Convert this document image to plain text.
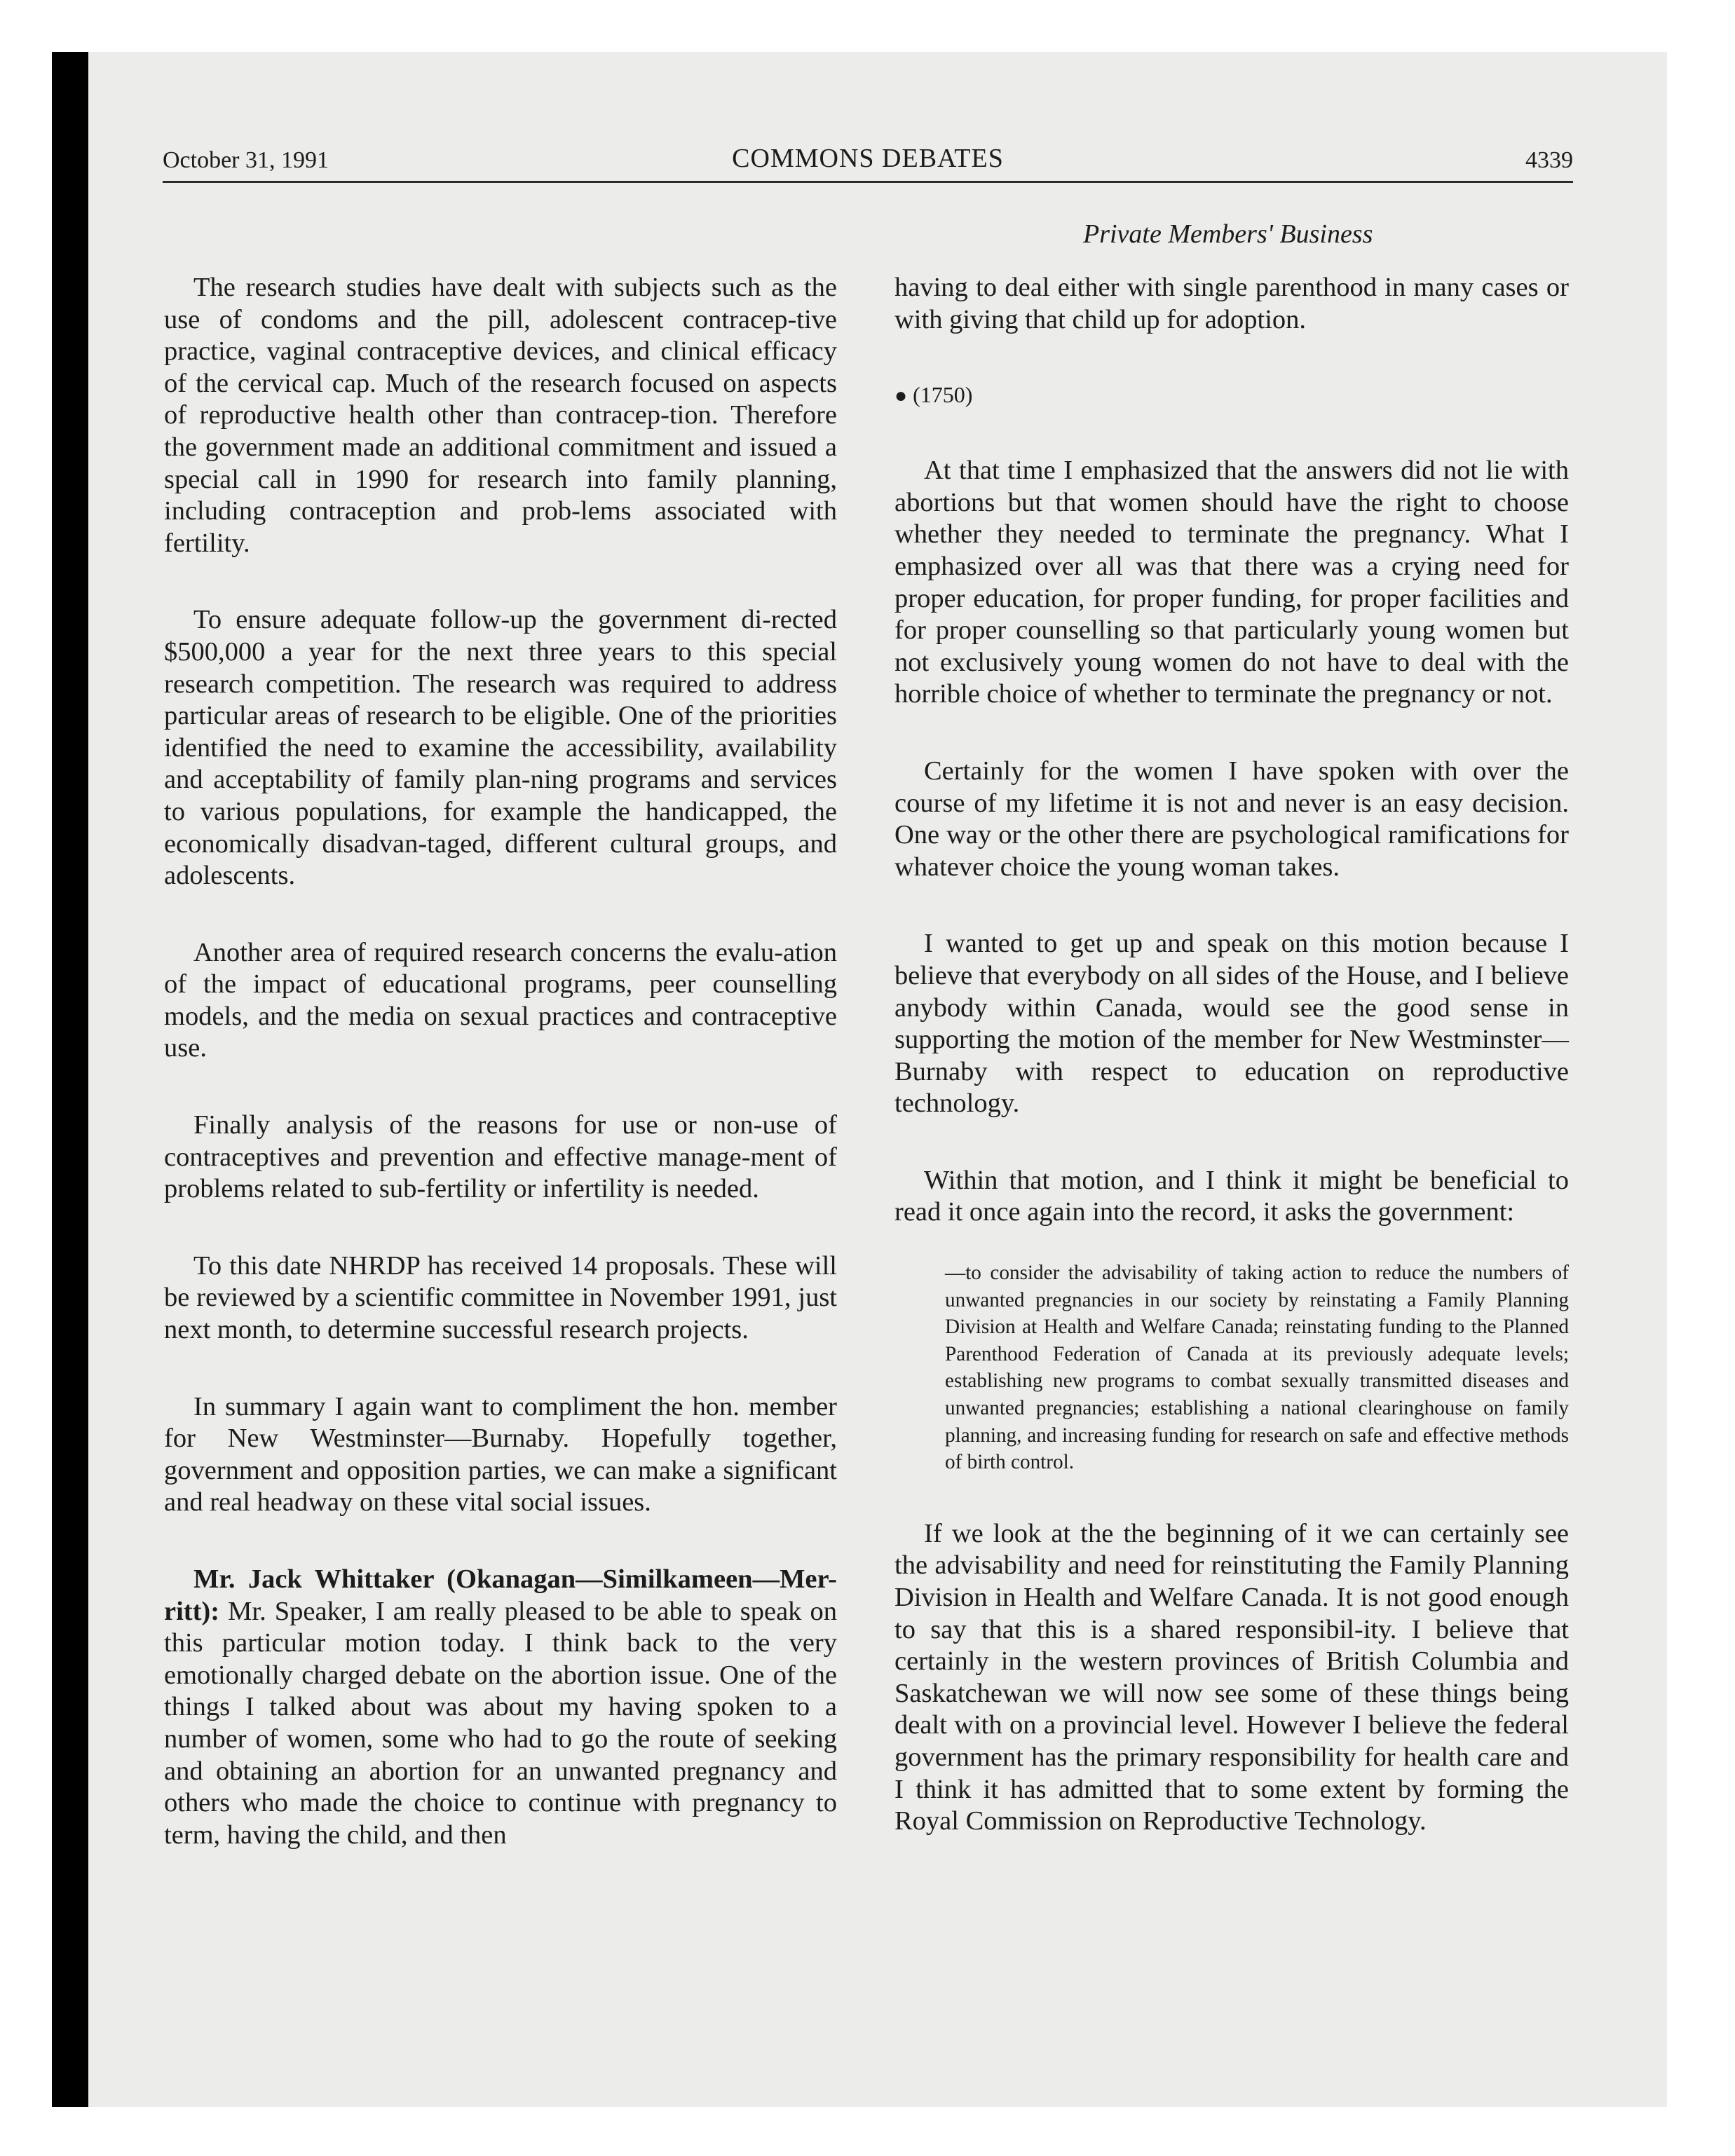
October 31, 1991	COMMONS DEBATES	4339
Private Members' Business

The research studies have dealt with subjects such as the use of condoms and the pill, adolescent contracep-tive practice, vaginal contraceptive devices, and clinical efficacy of the cervical cap. Much of the research focused on aspects of reproductive health other than contracep-tion. Therefore the government made an additional commitment and issued a special call in 1990 for research into family planning, including contraception and prob-lems associated with fertility.

To ensure adequate follow-up the government di-rected $500,000 a year for the next three years to this special research competition. The research was required to address particular areas of research to be eligible. One of the priorities identified the need to examine the accessibility, availability and acceptability of family plan-ning programs and services to various populations, for example the handicapped, the economically disadvan-taged, different cultural groups, and adolescents.

Another area of required research concerns the evalu-ation of the impact of educational programs, peer counselling models, and the media on sexual practices and contraceptive use.

Finally analysis of the reasons for use or non-use of contraceptives and prevention and effective manage-ment of problems related to sub-fertility or infertility is needed.

To this date NHRDP has received 14 proposals. These will be reviewed by a scientific committee in November 1991, just next month, to determine successful research projects.

In summary I again want to compliment the hon. member for New Westminster—Burnaby. Hopefully together, government and opposition parties, we can make a significant and real headway on these vital social issues.

Mr. Jack Whittaker (Okanagan—Similkameen—Mer-ritt): Mr. Speaker, I am really pleased to be able to speak on this particular motion today. I think back to the very emotionally charged debate on the abortion issue. One of the things I talked about was about my having spoken to a number of women, some who had to go the route of seeking and obtaining an abortion for an unwanted pregnancy and others who made the choice to continue with pregnancy to term, having the child, and then

having to deal either with single parenthood in many cases or with giving that child up for adoption.

● (1750)

At that time I emphasized that the answers did not lie with abortions but that women should have the right to choose whether they needed to terminate the pregnancy. What I emphasized over all was that there was a crying need for proper education, for proper funding, for proper facilities and for proper counselling so that particularly young women but not exclusively young women do not have to deal with the horrible choice of whether to terminate the pregnancy or not.

Certainly for the women I have spoken with over the course of my lifetime it is not and never is an easy decision. One way or the other there are psychological ramifications for whatever choice the young woman takes.

I wanted to get up and speak on this motion because I believe that everybody on all sides of the House, and I believe anybody within Canada, would see the good sense in supporting the motion of the member for New Westminster—Burnaby with respect to education on reproductive technology.

Within that motion, and I think it might be beneficial to read it once again into the record, it asks the government:

—to consider the advisability of taking action to reduce the numbers of unwanted pregnancies in our society by reinstating a Family Planning Division at Health and Welfare Canada; reinstating funding to the Planned Parenthood Federation of Canada at its previously adequate levels; establishing new programs to combat sexually transmitted diseases and unwanted pregnancies; establishing a national clearinghouse on family planning, and increasing funding for research on safe and effective methods of birth control.

If we look at the the beginning of it we can certainly see the advisability and need for reinstituting the Family Planning Division in Health and Welfare Canada. It is not good enough to say that this is a shared responsibil-ity. I believe that certainly in the western provinces of British Columbia and Saskatchewan we will now see some of these things being dealt with on a provincial level. However I believe the federal government has the primary responsibility for health care and I think it has admitted that to some extent by forming the Royal Commission on Reproductive Technology.
